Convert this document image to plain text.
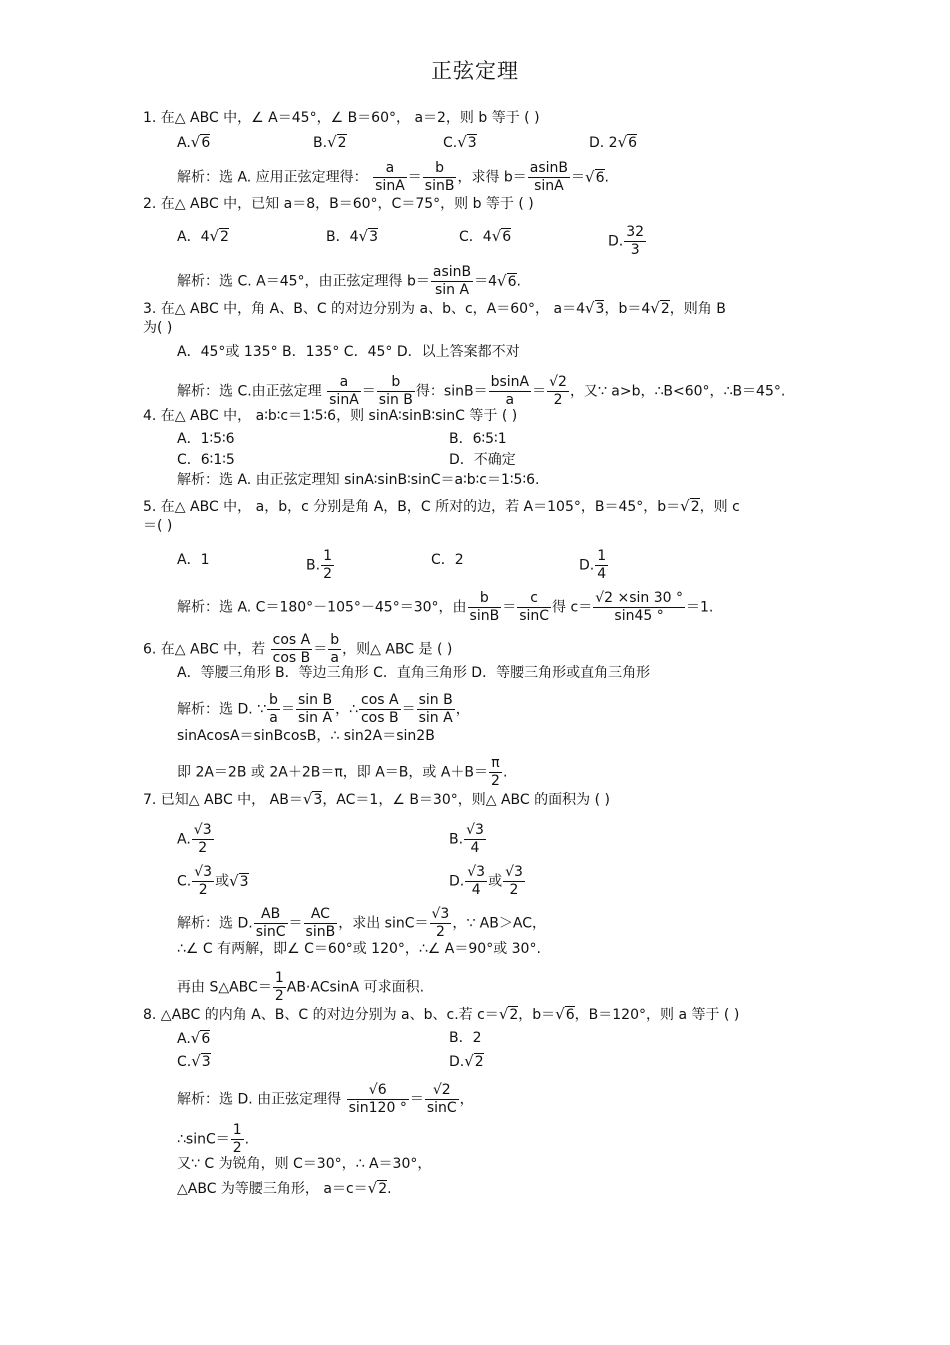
正弦定理
1. 在△ ABC 中，∠ A＝45°，∠ B＝60°， a＝2，则 b 等于 ( )
A.√6	B.√2	C.√3	D. 2√6
解析：选 A. 应用正弦定理得： $\frac{a}{\sin A} = \frac{b}{\sin B}$ ，求得 $b= \frac{asinB}{\sin A} =√6$.
2. 在△ ABC 中，已知 a＝8，B＝60°，C＝75°，则 b 等于 ( )
A．4√2	B．4√3	C．4√6	D. $\frac{32}{3}$
解析：选 C. A＝45°，由正弦定理得 $b= \frac{asinB}{\text{sin A}} =4√6$.
3. 在△ ABC 中，角 A、B、C 的对边分别为 a、b、c，A＝60°， a＝4√3，b＝4√2，则角 B
为( )
A．45°或 135° B．135° C．45° D．以上答案都不对
解析：选 C.由正弦定理 $\frac{a}{\sin A} = \frac{b}{\text{sin B}}$ 得：$\sin B= \frac{bsinA}{a} = \frac{√2}{2}$ ，又∵ a>b，∴B<60°，∴B＝45°.
4. 在△ ABC 中， a∶b∶c＝1∶5∶6，则 sinA∶sinB∶sinC 等于 ( )
A．1∶5∶6	B．6∶5∶1
C．6∶1∶5	D．不确定
解析：选 A. 由正弦定理知 sinA∶sinB∶sinC＝a∶b∶c＝1∶5∶6.
5. 在△ ABC 中， a，b，c 分别是角 A，B，C 所对的边，若 A＝105°，B＝45°，b＝√2，则 c
＝( )
A．1	B. $\frac{1}{2}$	C．2	D. $\frac{1}{4}$
解析：选 A. C＝180°－105°－45°＝30°，由 $\frac{b}{\sin B} = \frac{c}{\sin C}$ 得 $c= \frac{√2 \times\sin 30 ^\circ}{\sin 45 ^\circ} =1$.
6. 在△ ABC 中，若 $\frac{\text{cos A}}{\text{cos B}} = \frac{b}{a}$ ，则△ ABC 是 ( )
A．等腰三角形 B．等边三角形 C．直角三角形 D．等腰三角形或直角三角形
解析：选 D. ∵ $\frac{b}{a} = \frac{\text{sin B}}{\text{sin A}}$ ，∴ $\frac{\text{cos A}}{\text{cos B}} = \frac{\text{sin B}}{\text{sin A}}$ ，
sinAcosA＝sinBcosB，∴ sin2A＝sin2B
即 2A＝2B 或 2A＋2B＝π，即 A＝B，或 $A+B= \frac{\pi}{2}$ .
7. 已知△ ABC 中， AB＝√3，AC＝1，∠ B＝30°，则△ ABC 的面积为 ( )
A. $\frac{√3}{2}$	B. $\frac{√3}{4}$
C. $\frac{√3}{2}$ 或√3	D. $\frac{√3}{4}$ 或 $\frac{√3}{2}$
解析：选 D. $\frac{AB}{\sin C} = \frac{AC}{\sin B}$ ，求出 $\sin C= \frac{√3}{2}$ ，∵ AB＞AC，
∴∠ C 有两解，即∠ C＝60°或 120°，∴∠ A＝90°或 30°.
再由 S△ABC＝ $\frac{1}{2} AB\cdot ACsinA$ 可求面积.
8. △ABC 的内角 A、B、C 的对边分别为 a、b、c.若 c＝√2，b＝√6，B＝120°，则 a 等于 ( )
A.√6	B．2
C.√3	D.√2
解析：选 D. 由正弦定理得 $\frac{√6}{\sin 120 ^\circ} = \frac{√2}{\sin C}$ ，
∴sinC＝ $\frac{1}{2}$ .
又∵ C 为锐角，则 C＝30°，∴ A＝30°，
△ABC 为等腰三角形， a＝c＝√2.
